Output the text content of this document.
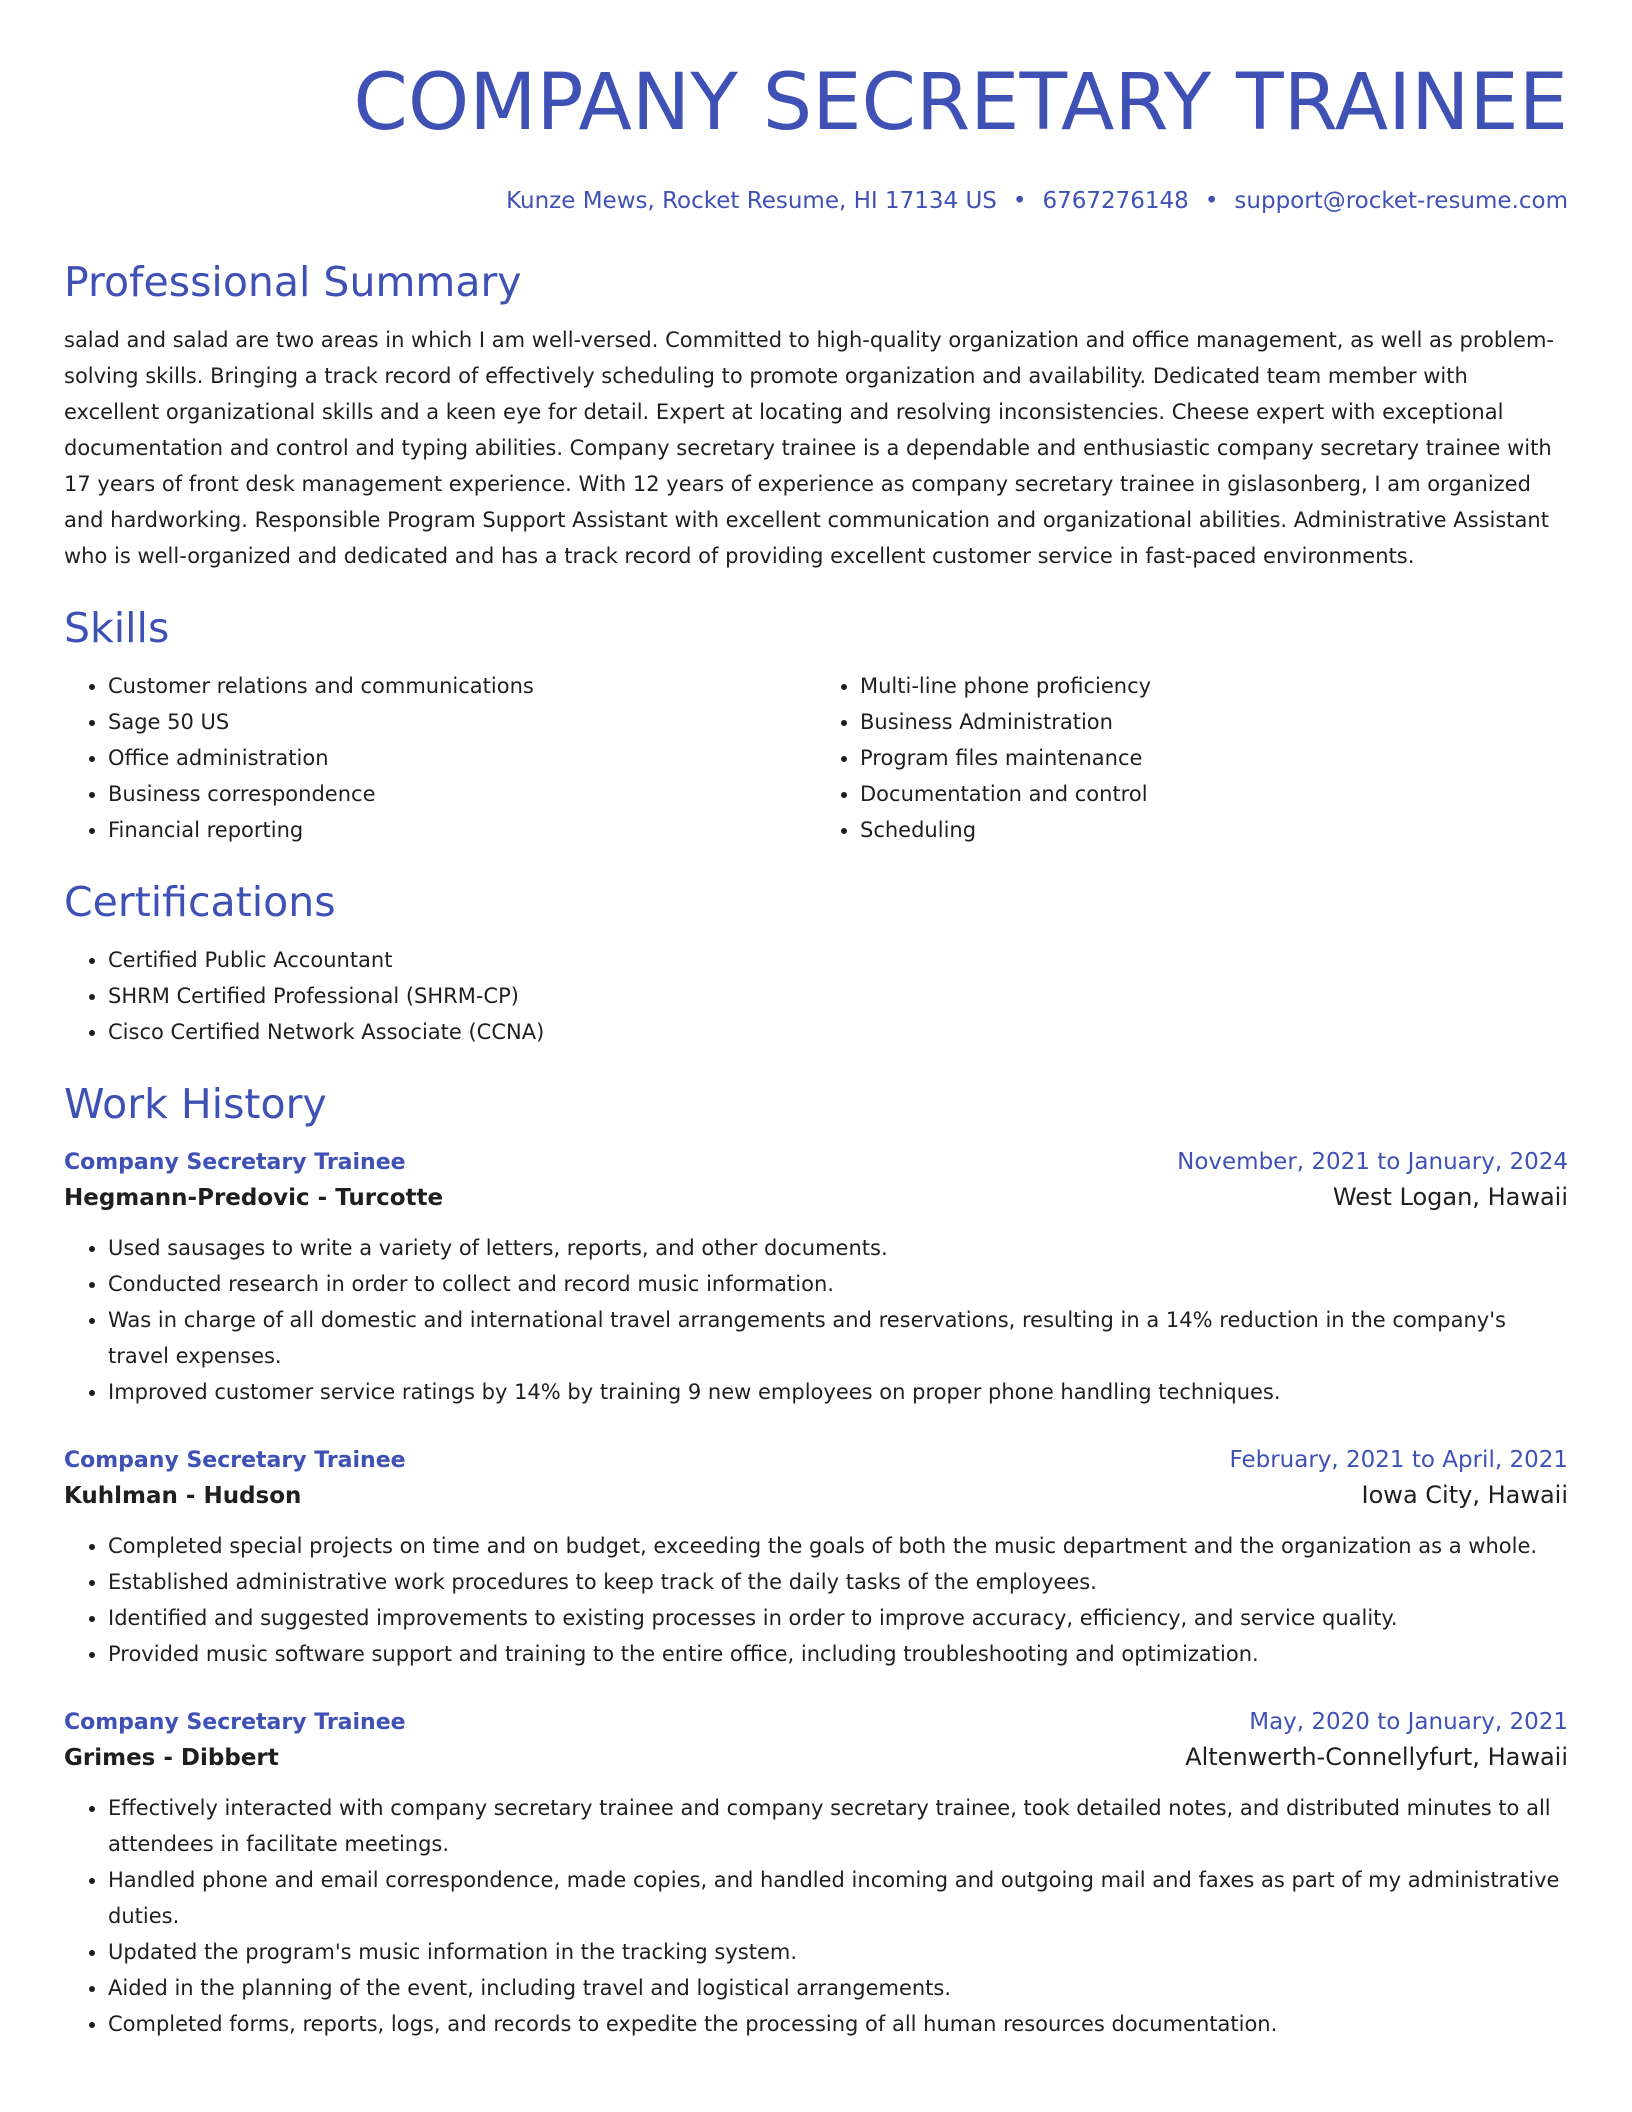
COMPANY SECRETARY TRAINEE
Kunze Mews, Rocket Resume, HI 17134 US • 6767276148 • support@rocket-resume.com
Professional Summary

salad and salad are two areas in which I am well-versed. Committed to high-quality organization and office management, as well as problem-solving skills. Bringing a track record of effectively scheduling to promote organization and availability. Dedicated team member with excellent organizational skills and a keen eye for detail. Expert at locating and resolving inconsistencies. Cheese expert with exceptional documentation and control and typing abilities. Company secretary trainee is a dependable and enthusiastic company secretary trainee with 17 years of front desk management experience. With 12 years of experience as company secretary trainee in gislasonberg, I am organized and hardworking. Responsible Program Support Assistant with excellent communication and organizational abilities. Administrative Assistant who is well-organized and dedicated and has a track record of providing excellent customer service in fast-paced environments.

Skills
• Customer relations and communications
• Sage 50 US
• Office administration
• Business correspondence
• Financial reporting
• Multi-line phone proficiency
• Business Administration
• Program files maintenance
• Documentation and control
• Scheduling
Certifications
• Certified Public Accountant
• SHRM Certified Professional (SHRM-CP)
• Cisco Certified Network Associate (CCNA)
Work History
Company Secretary Trainee	November, 2021 to January, 2024
Hegmann-Predovic - Turcotte	West Logan, Hawaii
• Used sausages to write a variety of letters, reports, and other documents.
• Conducted research in order to collect and record music information.
• Was in charge of all domestic and international travel arrangements and reservations, resulting in a 14% reduction in the company's travel expenses.
• Improved customer service ratings by 14% by training 9 new employees on proper phone handling techniques.
Company Secretary Trainee	February, 2021 to April, 2021
Kuhlman - Hudson	Iowa City, Hawaii
• Completed special projects on time and on budget, exceeding the goals of both the music department and the organization as a whole.
• Established administrative work procedures to keep track of the daily tasks of the employees.
• Identified and suggested improvements to existing processes in order to improve accuracy, efficiency, and service quality.
• Provided music software support and training to the entire office, including troubleshooting and optimization.
Company Secretary Trainee	May, 2020 to January, 2021
Grimes - Dibbert	Altenwerth-Connellyfurt, Hawaii
• Effectively interacted with company secretary trainee and company secretary trainee, took detailed notes, and distributed minutes to all attendees in facilitate meetings.
• Handled phone and email correspondence, made copies, and handled incoming and outgoing mail and faxes as part of my administrative duties.
• Updated the program's music information in the tracking system.
• Aided in the planning of the event, including travel and logistical arrangements.
• Completed forms, reports, logs, and records to expedite the processing of all human resources documentation.
